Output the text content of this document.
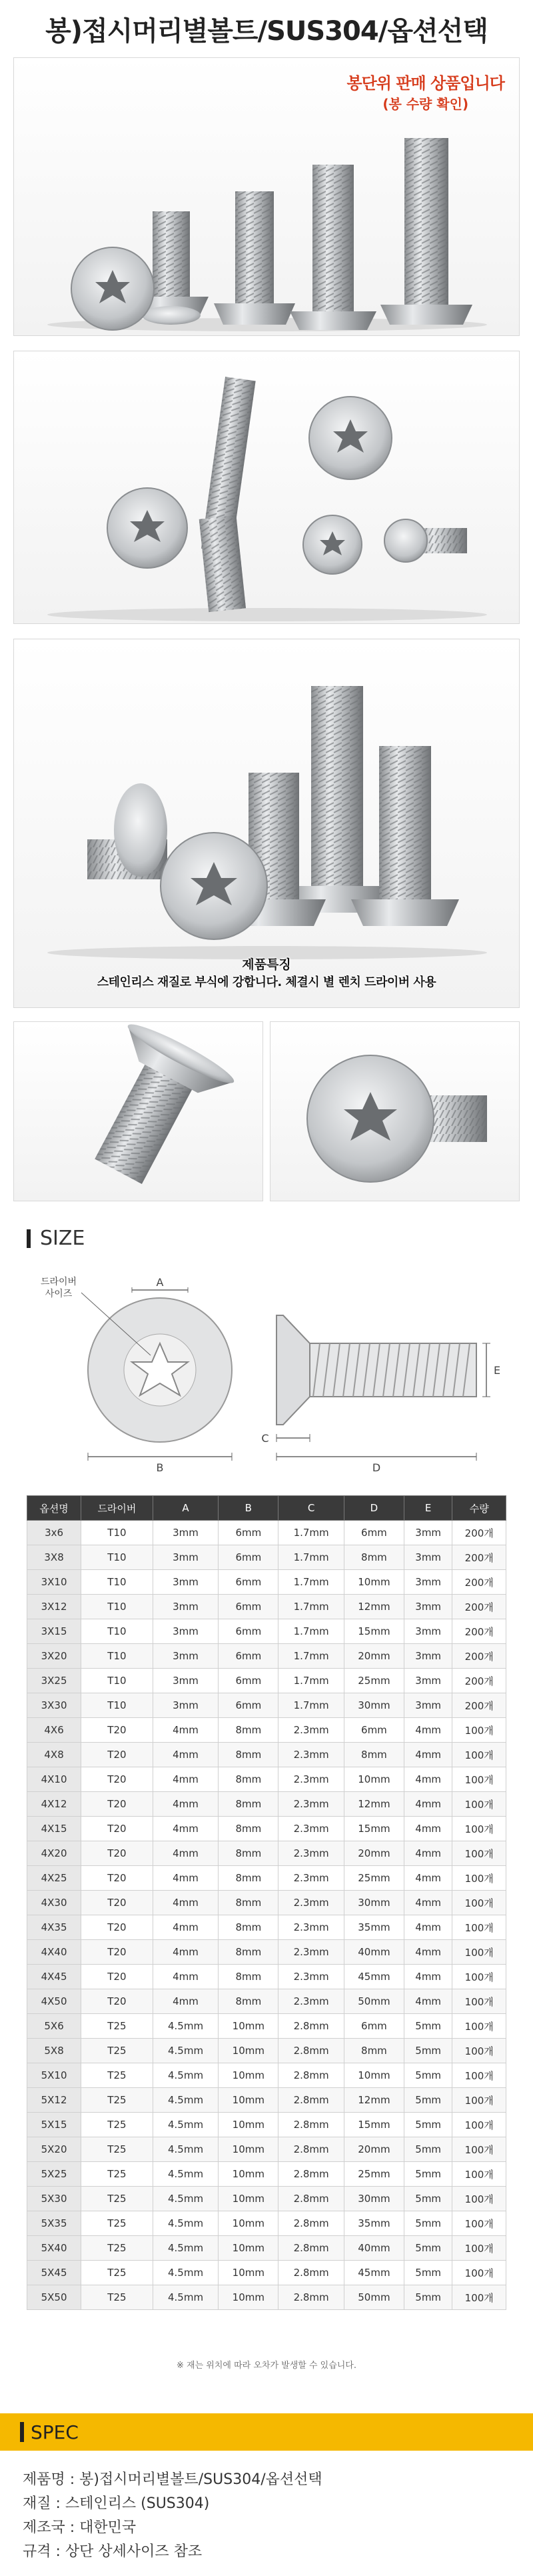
봉)접시머리별볼트/SUS304/옵션선택
봉단위 판매 상품입니다
(봉 수량 확인)
제품특징
스테인리스 재질로 부식에 강합니다. 체결시 별 렌치 드라이버 사용
SIZE
A
B
드라이버
사이즈
E
C
D
옵션명	드라이버	A	B	C	D	E	수량
3x6	T10	3mm	6mm	1.7mm	6mm	3mm	200개
3X8	T10	3mm	6mm	1.7mm	8mm	3mm	200개
3X10	T10	3mm	6mm	1.7mm	10mm	3mm	200개
3X12	T10	3mm	6mm	1.7mm	12mm	3mm	200개
3X15	T10	3mm	6mm	1.7mm	15mm	3mm	200개
3X20	T10	3mm	6mm	1.7mm	20mm	3mm	200개
3X25	T10	3mm	6mm	1.7mm	25mm	3mm	200개
3X30	T10	3mm	6mm	1.7mm	30mm	3mm	200개
4X6	T20	4mm	8mm	2.3mm	6mm	4mm	100개
4X8	T20	4mm	8mm	2.3mm	8mm	4mm	100개
4X10	T20	4mm	8mm	2.3mm	10mm	4mm	100개
4X12	T20	4mm	8mm	2.3mm	12mm	4mm	100개
4X15	T20	4mm	8mm	2.3mm	15mm	4mm	100개
4X20	T20	4mm	8mm	2.3mm	20mm	4mm	100개
4X25	T20	4mm	8mm	2.3mm	25mm	4mm	100개
4X30	T20	4mm	8mm	2.3mm	30mm	4mm	100개
4X35	T20	4mm	8mm	2.3mm	35mm	4mm	100개
4X40	T20	4mm	8mm	2.3mm	40mm	4mm	100개
4X45	T20	4mm	8mm	2.3mm	45mm	4mm	100개
4X50	T20	4mm	8mm	2.3mm	50mm	4mm	100개
5X6	T25	4.5mm	10mm	2.8mm	6mm	5mm	100개
5X8	T25	4.5mm	10mm	2.8mm	8mm	5mm	100개
5X10	T25	4.5mm	10mm	2.8mm	10mm	5mm	100개
5X12	T25	4.5mm	10mm	2.8mm	12mm	5mm	100개
5X15	T25	4.5mm	10mm	2.8mm	15mm	5mm	100개
5X20	T25	4.5mm	10mm	2.8mm	20mm	5mm	100개
5X25	T25	4.5mm	10mm	2.8mm	25mm	5mm	100개
5X30	T25	4.5mm	10mm	2.8mm	30mm	5mm	100개
5X35	T25	4.5mm	10mm	2.8mm	35mm	5mm	100개
5X40	T25	4.5mm	10mm	2.8mm	40mm	5mm	100개
5X45	T25	4.5mm	10mm	2.8mm	45mm	5mm	100개
5X50	T25	4.5mm	10mm	2.8mm	50mm	5mm	100개
※ 재는 위치에 따라 오차가 발생할 수 있습니다.
SPEC
제품명 : 봉)접시머리별볼트/SUS304/옵션선택
재질 : 스테인리스 (SUS304)
제조국 : 대한민국
규격 : 상단 상세사이즈 참조
